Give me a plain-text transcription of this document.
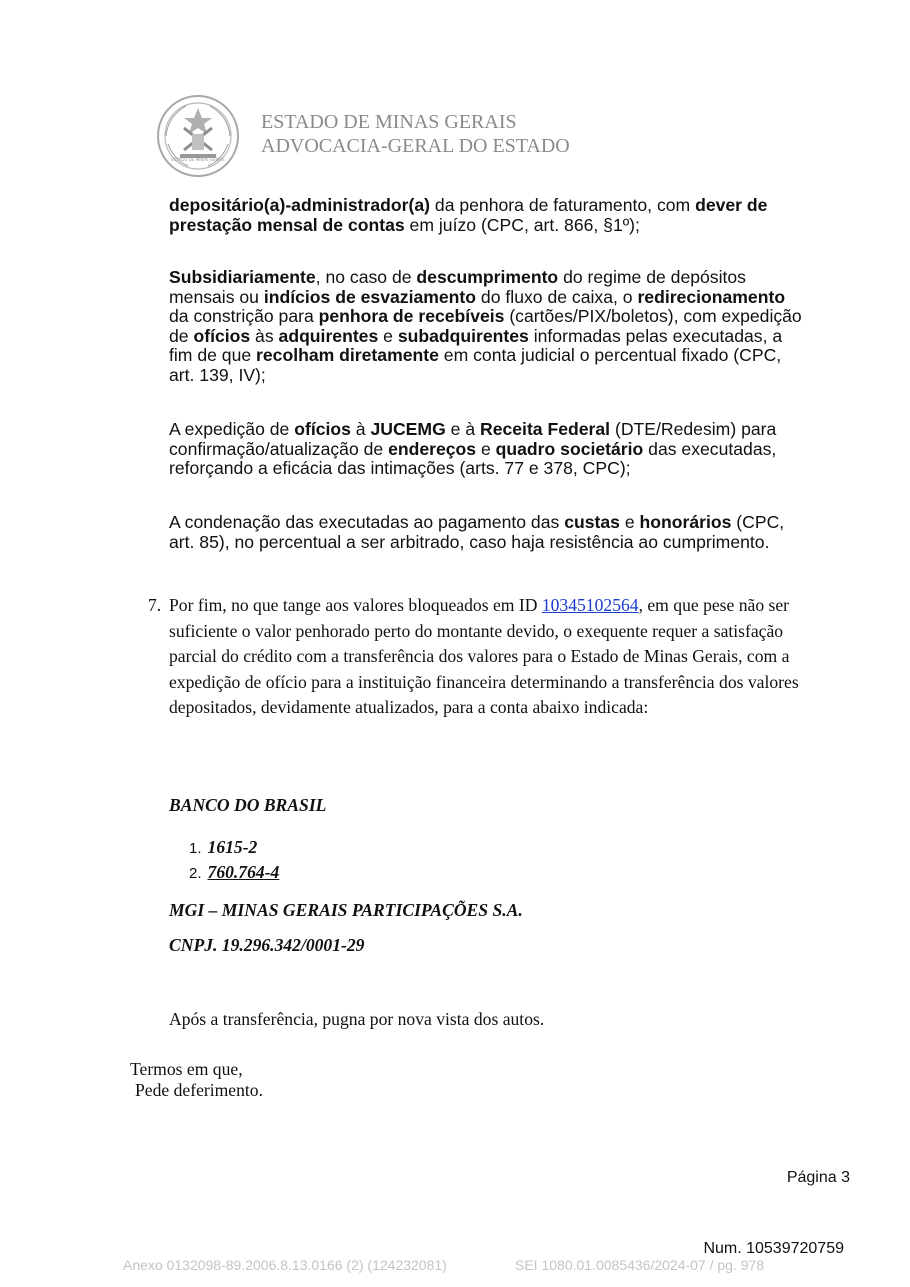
ESTADO DE MINAS GERAIS
ESTADO DE MINAS GERAIS
ADVOCACIA-GERAL DO ESTADO
depositário(a)-administrador(a) da penhora de faturamento, com dever de prestação mensal de contas em juízo (CPC, art. 866, §1º);
Subsidiariamente, no caso de descumprimento do regime de depósitos mensais ou indícios de esvaziamento do fluxo de caixa, o redirecionamento da constrição para penhora de recebíveis (cartões/PIX/boletos), com expedição de ofícios às adquirentes e subadquirentes informadas pelas executadas, a fim de que recolham diretamente em conta judicial o percentual fixado (CPC, art. 139, IV);
A expedição de ofícios à JUCEMG e à Receita Federal (DTE/Redesim) para confirmação/atualização de endereços e quadro societário das executadas, reforçando a eficácia das intimações (arts. 77 e 378, CPC);
A condenação das executadas ao pagamento das custas e honorários (CPC, art. 85), no percentual a ser arbitrado, caso haja resistência ao cumprimento.
7. Por fim, no que tange aos valores bloqueados em ID 10345102564, em que pese não ser suficiente o valor penhorado perto do montante devido, o exequente requer a satisfação parcial do crédito com a transferência dos valores para o Estado de Minas Gerais, com a expedição de ofício para a instituição financeira determinando a transferência dos valores depositados, devidamente atualizados, para a conta abaixo indicada:
BANCO DO BRASIL
1. 1615-2
2. 760.764-4
MGI – MINAS GERAIS PARTICIPAÇÕES S.A.
CNPJ. 19.296.342/0001-29
Após a transferência, pugna por nova vista dos autos.
Termos em que,
Pede deferimento.
Página 3
Num. 10539720759
Anexo 0132098-89.2006.8.13.0166 (2) (124232081)	SEI 1080.01.0085436/2024-07 / pg. 978
